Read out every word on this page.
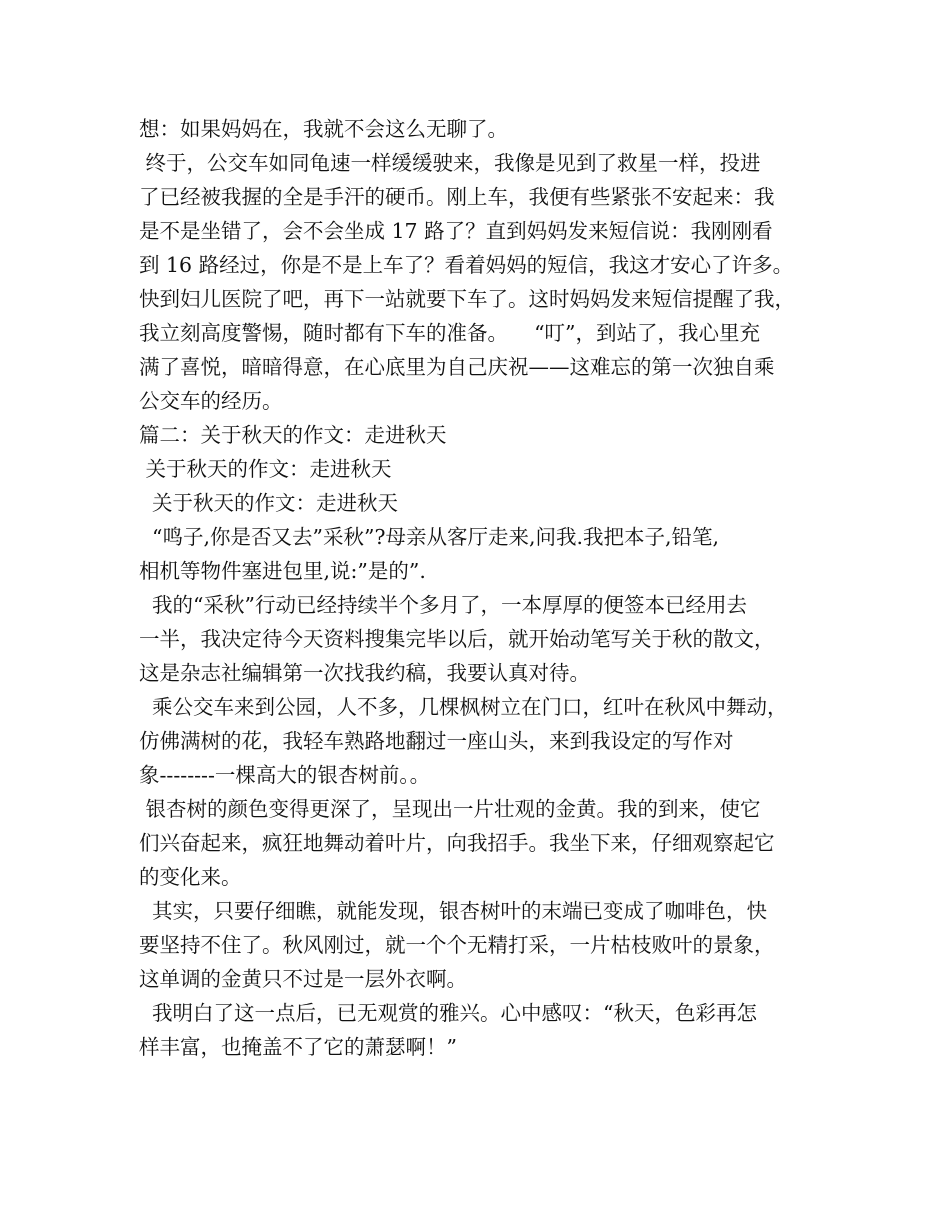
想：如果妈妈在，我就不会这么无聊了。

终于，公交车如同龟速一样缓缓驶来，我像是见到了救星一样，投进

了已经被我握的全是手汗的硬币。刚上车，我便有些紧张不安起来：我

是不是坐错了，会不会坐成 17 路了？直到妈妈发来短信说：我刚刚看

到 16 路经过，你是不是上车了？看着妈妈的短信，我这才安心了许多。

快到妇儿医院了吧，再下一站就要下车了。这时妈妈发来短信提醒了我，

我立刻高度警惕，随时都有下车的准备。    “叮”，到站了，我心里充

满了喜悦，暗暗得意，在心底里为自己庆祝——这难忘的第一次独自乘

公交车的经历。

篇二：关于秋天的作文：走进秋天

关于秋天的作文：走进秋天

关于秋天的作文：走进秋天

“鸣子,你是否又去”采秋”?母亲从客厅走来,问我.我把本子,铅笔,

相机等物件塞进包里,说:”是的”.

我的“采秋”行动已经持续半个多月了，一本厚厚的便签本已经用去

一半，我决定待今天资料搜集完毕以后，就开始动笔写关于秋的散文，

这是杂志社编辑第一次找我约稿，我要认真对待。

乘公交车来到公园，人不多，几棵枫树立在门口，红叶在秋风中舞动，

仿佛满树的花，我轻车熟路地翻过一座山头，来到我设定的写作对

象--------一棵高大的银杏树前。。

银杏树的颜色变得更深了，呈现出一片壮观的金黄。我的到来，使它

们兴奋起来，疯狂地舞动着叶片，向我招手。我坐下来，仔细观察起它

的变化来。

其实，只要仔细瞧，就能发现，银杏树叶的末端已变成了咖啡色，快

要坚持不住了。秋风刚过，就一个个无精打采，一片枯枝败叶的景象，

这单调的金黄只不过是一层外衣啊。

我明白了这一点后，已无观赏的雅兴。心中感叹：“秋天，色彩再怎

样丰富，也掩盖不了它的萧瑟啊！”
